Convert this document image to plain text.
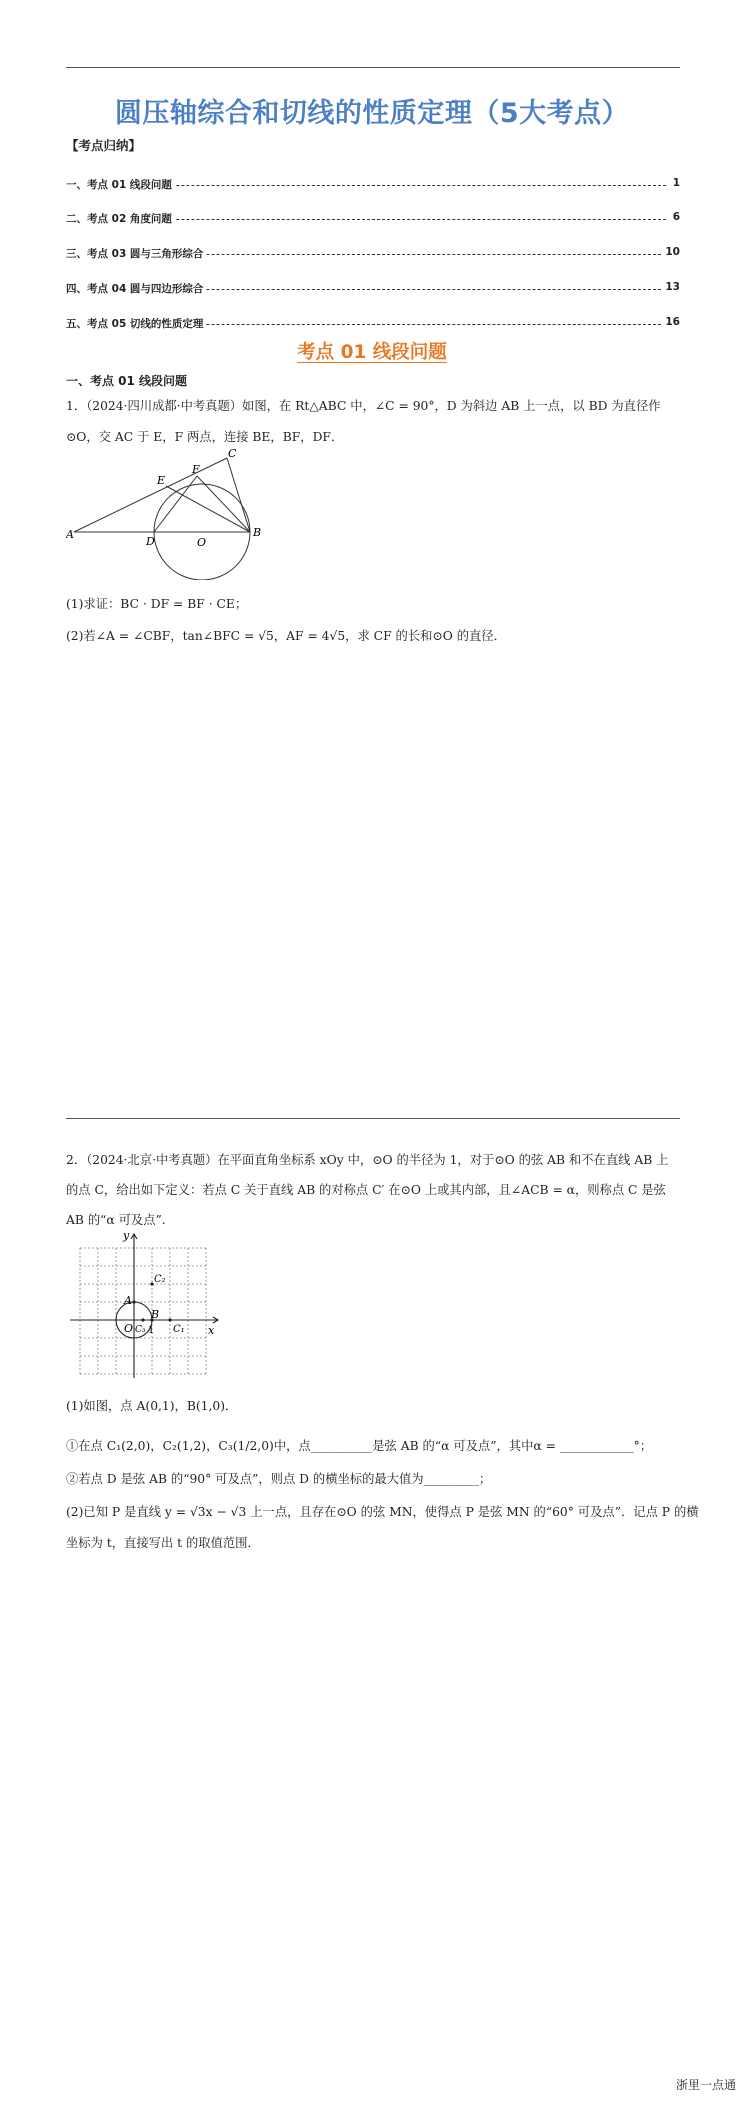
圆压轴综合和切线的性质定理（5大考点）
【考点归纳】
一、考点 01 线段问题	1
二、考点 02 角度问题	6
三、考点 03 圆与三角形综合	10
四、考点 04 圆与四边形综合	13
五、考点 05 切线的性质定理	16
考点 01 线段问题
一、考点 01 线段问题
1．（2024·四川成都·中考真题）如图，在 Rt△ABC 中，∠C = 90°，D 为斜边 AB 上一点，以 BD 为直径作
⊙O，交 AC 于 E，F 两点，连接 BE，BF，DF．
A
D	O
B
E
F
C
(1)求证：BC · DF = BF · CE；
(2)若∠A = ∠CBF，tan∠BFC = √5，AF = 4√5，求 CF 的长和⊙O 的直径．
2．（2024·北京·中考真题）在平面直角坐标系 xOy 中，⊙O 的半径为 1，对于⊙O 的弦 AB 和不在直线 AB 上
的点 C，给出如下定义：若点 C 关于直线 AB 的对称点 C′ 在⊙O 上或其内部，且∠ACB = α，则称点 C 是弦
AB 的“α 可及点”．
y
x
O
A
B
1 C₁
C₂
C₃
(1)如图，点 A(0,1)，B(1,0)．
①在点 C₁(2,0)，C₂(1,2)，C₃(1/2,0)中，点__________是弦 AB 的“α 可及点”，其中α = ____________°；
②若点 D 是弦 AB 的“90° 可及点”，则点 D 的横坐标的最大值为_________；
(2)已知 P 是直线 y = √3x − √3 上一点，且存在⊙O 的弦 MN，使得点 P 是弦 MN 的“60° 可及点”．记点 P 的横
坐标为 t，直接写出 t 的取值范围．
浙里一点通
